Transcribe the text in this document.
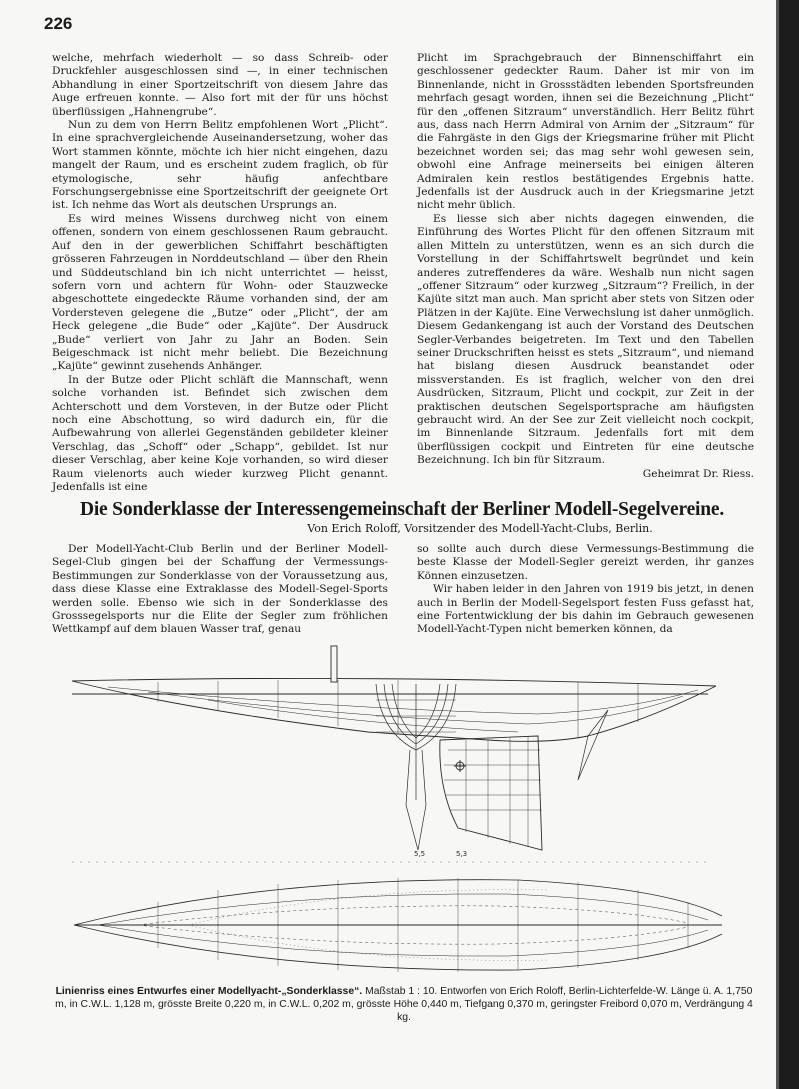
226

welche, mehrfach wiederholt — so dass Schreib- oder Druckfehler ausgeschlossen sind —, in einer technischen Abhandlung in einer Sportzeitschrift von diesem Jahre das Auge erfreuen konnte. — Also fort mit der für uns höchst überflüssigen „Hahnengrube“.

Nun zu dem von Herrn Belitz empfohlenen Wort „Plicht“. In eine sprachvergleichende Auseinandersetzung, woher das Wort stammen könnte, möchte ich hier nicht eingehen, dazu mangelt der Raum, und es erscheint zudem fraglich, ob für etymologische, sehr häufig anfechtbare Forschungsergebnisse eine Sportzeitschrift der geeignete Ort ist. Ich nehme das Wort als deutschen Ursprungs an.

Es wird meines Wissens durchweg nicht von einem offenen, sondern von einem geschlossenen Raum gebraucht. Auf den in der gewerblichen Schiffahrt beschäftigten grösseren Fahrzeugen in Norddeutschland — über den Rhein und Süddeutschland bin ich nicht unterrichtet — heisst, sofern vorn und achtern für Wohn- oder Stauzwecke abgeschottete eingedeckte Räume vorhanden sind, der am Vordersteven gelegene die „Butze“ oder „Plicht“, der am Heck gelegene „die Bude“ oder „Kajüte“. Der Ausdruck „Bude“ verliert von Jahr zu Jahr an Boden. Sein Beigeschmack ist nicht mehr beliebt. Die Bezeichnung „Kajüte“ gewinnt zusehends Anhänger.

In der Butze oder Plicht schläft die Mannschaft, wenn solche vorhanden ist. Befindet sich zwischen dem Achterschott und dem Vorsteven, in der Butze oder Plicht noch eine Abschottung, so wird dadurch ein, für die Aufbewahrung von allerlei Gegenständen gebildeter kleiner Verschlag, das „Schoff“ oder „Schapp“, gebildet. Ist nur dieser Verschlag, aber keine Koje vorhanden, so wird dieser Raum vielenorts auch wieder kurzweg Plicht genannt. Jedenfalls ist eine

Plicht im Sprachgebrauch der Binnenschiffahrt ein geschlossener gedeckter Raum. Daher ist mir von im Binnenlande, nicht in Grossstädten lebenden Sportsfreunden mehrfach gesagt worden, ihnen sei die Bezeichnung „Plicht“ für den „offenen Sitzraum“ unverständlich. Herr Belitz führt aus, dass nach Herrn Admiral von Arnim der „Sitzraum“ für die Fahrgäste in den Gigs der Kriegsmarine früher mit Plicht bezeichnet worden sei; das mag sehr wohl gewesen sein, obwohl eine Anfrage meinerseits bei einigen älteren Admiralen kein restlos bestätigendes Ergebnis hatte. Jedenfalls ist der Ausdruck auch in der Kriegsmarine jetzt nicht mehr üblich.

Es liesse sich aber nichts dagegen einwenden, die Einführung des Wortes Plicht für den offenen Sitzraum mit allen Mitteln zu unterstützen, wenn es an sich durch die Vorstellung in der Schiffahrtswelt begründet und kein anderes zutreffenderes da wäre. Weshalb nun nicht sagen „offener Sitzraum“ oder kurzweg „Sitzraum“? Freilich, in der Kajüte sitzt man auch. Man spricht aber stets von Sitzen oder Plätzen in der Kajüte. Eine Verwechslung ist daher unmöglich. Diesem Gedankengang ist auch der Vorstand des Deutschen Segler-Verbandes beigetreten. Im Text und den Tabellen seiner Druckschriften heisst es stets „Sitzraum“, und niemand hat bislang diesen Ausdruck beanstandet oder missverstanden. Es ist fraglich, welcher von den drei Ausdrücken, Sitzraum, Plicht und cockpit, zur Zeit in der praktischen deutschen Segelsportsprache am häufigsten gebraucht wird. An der See zur Zeit vielleicht noch cockpit, im Binnenlande Sitzraum. Jedenfalls fort mit dem überflüssigen cockpit und Eintreten für eine deutsche Bezeichnung. Ich bin für Sitzraum.

Geheimrat Dr. Riess.

Die Sonderklasse der Interessengemeinschaft der Berliner Modell-Segelvereine.
Von Erich Roloff, Vorsitzender des Modell-Yacht-Clubs, Berlin.

Der Modell-Yacht-Club Berlin und der Berliner Modell-Segel-Club gingen bei der Schaffung der Vermessungs-Bestimmungen zur Sonderklasse von der Voraussetzung aus, dass diese Klasse eine Extraklasse des Modell-Segel-Sports werden solle. Ebenso wie sich in der Sonderklasse des Grosssegelsports nur die Elite der Segler zum fröhlichen Wettkampf auf dem blauen Wasser traf, genau

so sollte auch durch diese Vermessungs-Bestimmung die beste Klasse der Modell-Segler gereizt werden, ihr ganzes Können einzusetzen.

Wir haben leider in den Jahren von 1919 bis jetzt, in denen auch in Berlin der Modell-Segelsport festen Fuss gefasst hat, eine Fortentwicklung der bis dahin im Gebrauch gewesenen Modell-Yacht-Typen nicht bemerken können, da

5,5	5,3
Linienriss eines Entwurfes einer Modellyacht-„Sonderklasse“. Maßstab 1 : 10. Entworfen von Erich Roloff, Berlin-Lichterfelde-W. Länge ü. A. 1,750 m, in C.W.L. 1,128 m, grösste Breite 0,220 m, in C.W.L. 0,202 m, grösste Höhe 0,440 m, Tiefgang 0,370 m, geringster Freibord 0,070 m, Verdrängung 4 kg.
